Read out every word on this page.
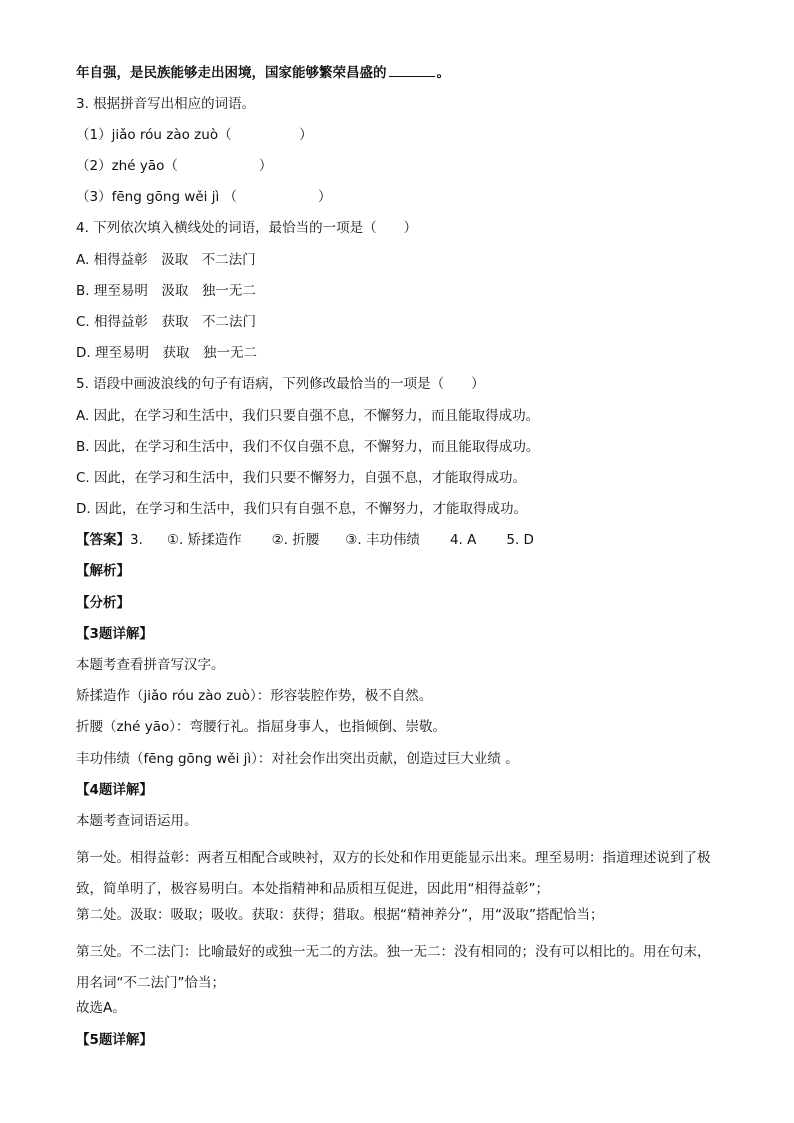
年自强，是民族能够走出困境，国家能够繁荣昌盛的	。
3. 根据拼音写出相应的词语。
（1）jiǎo róu zào zuò（　　　　　）
（2）zhé yāo（　　　　　　）
（3）fēng gōng wěi jì （　　　　　　）
4. 下列依次填入横线处的词语，最恰当的一项是（　　）
A. 相得益彰　汲取　不二法门
B. 理至易明　汲取　独一无二
C. 相得益彰　获取　不二法门
D. 理至易明　获取　独一无二
5. 语段中画波浪线的句子有语病，下列修改最恰当的一项是（　　）
A. 因此，在学习和生活中，我们只要自强不息，不懈努力，而且能取得成功。
B. 因此，在学习和生活中，我们不仅自强不息，不懈努力，而且能取得成功。
C. 因此，在学习和生活中，我们只要不懈努力，自强不息，才能取得成功。
D. 因此，在学习和生活中，我们只有自强不息，不懈努力，才能取得成功。
【答案】3. ①. 矫揉造作 ②. 折腰 ③. 丰功伟绩 4. A 5. D
【解析】
【分析】
【3题详解】
本题考查看拼音写汉字。
矫揉造作（jiǎo róu zào zuò）：形容装腔作势，极不自然。
折腰（zhé yāo）：弯腰行礼。指屈身事人，也指倾倒、崇敬。
丰功伟绩（fēng gōng wěi jì）：对社会作出突出贡献，创造过巨大业绩 。
【4题详解】
本题考查词语运用。
第一处。相得益彰：两者互相配合或映衬，双方的长处和作用更能显示出来。理至易明：指道理述说到了极致，简单明了，极容易明白。本处指精神和品质相互促进，因此用“相得益彰”；
第二处。汲取：吸取；吸收。获取：获得；猎取。根据“精神养分”，用“汲取”搭配恰当；
第三处。不二法门：比喻最好的或独一无二的方法。独一无二：没有相同的；没有可以相比的。用在句末，用名词“不二法门”恰当；
故选A。
【5题详解】
